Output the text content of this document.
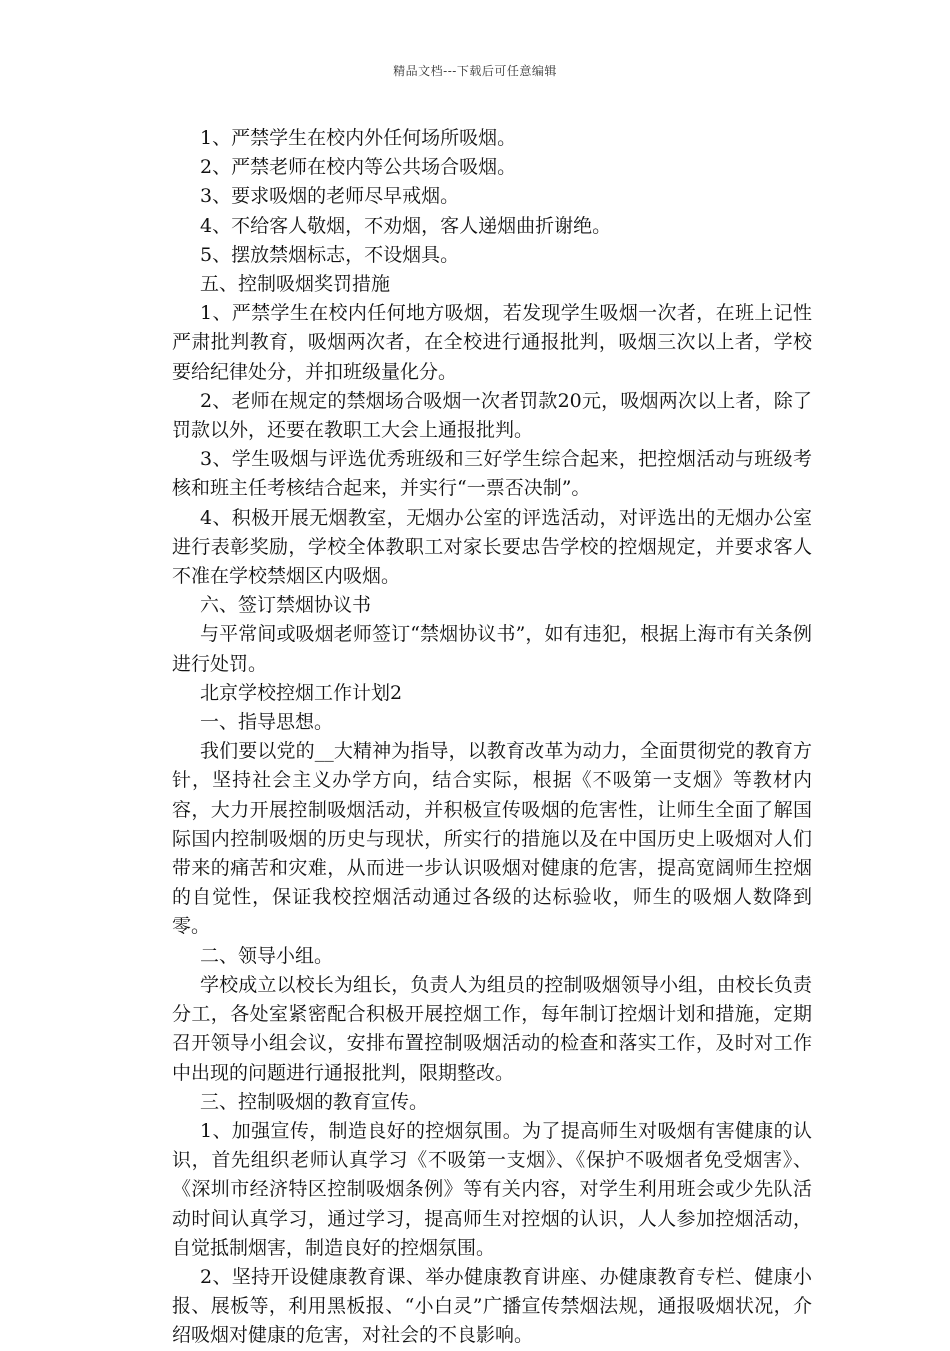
精品文档---下载后可任意编辑

1、严禁学生在校内外任何场所吸烟。

2、严禁老师在校内等公共场合吸烟。

3、要求吸烟的老师尽早戒烟。

4、不给客人敬烟，不劝烟，客人递烟曲折谢绝。

5、摆放禁烟标志，不设烟具。

五、控制吸烟奖罚措施

1、严禁学生在校内任何地方吸烟，若发现学生吸烟一次者，在班上记性严肃批判教育，吸烟两次者，在全校进行通报批判，吸烟三次以上者，学校要给纪律处分，并扣班级量化分。

2、老师在规定的禁烟场合吸烟一次者罚款20元，吸烟两次以上者，除了罚款以外，还要在教职工大会上通报批判。

3、学生吸烟与评选优秀班级和三好学生综合起来，把控烟活动与班级考核和班主任考核结合起来，并实行“一票否决制”。

4、积极开展无烟教室，无烟办公室的评选活动，对评选出的无烟办公室进行表彰奖励，学校全体教职工对家长要忠告学校的控烟规定，并要求客人不准在学校禁烟区内吸烟。

六、签订禁烟协议书

与平常间或吸烟老师签订“禁烟协议书”，如有违犯，根据上海市有关条例进行处罚。

北京学校控烟工作计划2

一、指导思想。

我们要以党的__大精神为指导，以教育改革为动力，全面贯彻党的教育方针，坚持社会主义办学方向，结合实际，根据《不吸第一支烟》等教材内容，大力开展控制吸烟活动，并积极宣传吸烟的危害性，让师生全面了解国际国内控制吸烟的历史与现状，所实行的措施以及在中国历史上吸烟对人们带来的痛苦和灾难，从而进一步认识吸烟对健康的危害，提高宽阔师生控烟的自觉性，保证我校控烟活动通过各级的达标验收，师生的吸烟人数降到零。

二、领导小组。

学校成立以校长为组长，负责人为组员的控制吸烟领导小组，由校长负责分工，各处室紧密配合积极开展控烟工作，每年制订控烟计划和措施，定期召开领导小组会议，安排布置控制吸烟活动的检查和落实工作，及时对工作中出现的问题进行通报批判，限期整改。

三、控制吸烟的教育宣传。

1、加强宣传，制造良好的控烟氛围。为了提高师生对吸烟有害健康的认识，首先组织老师认真学习《不吸第一支烟》、《保护不吸烟者免受烟害》、《深圳市经济特区控制吸烟条例》等有关内容，对学生利用班会或少先队活动时间认真学习，通过学习，提高师生对控烟的认识，人人参加控烟活动，自觉抵制烟害，制造良好的控烟氛围。

2、坚持开设健康教育课、举办健康教育讲座、办健康教育专栏、健康小报、展板等，利用黑板报、“小白灵”广播宣传禁烟法规，通报吸烟状况，介绍吸烟对健康的危害，对社会的不良影响。
